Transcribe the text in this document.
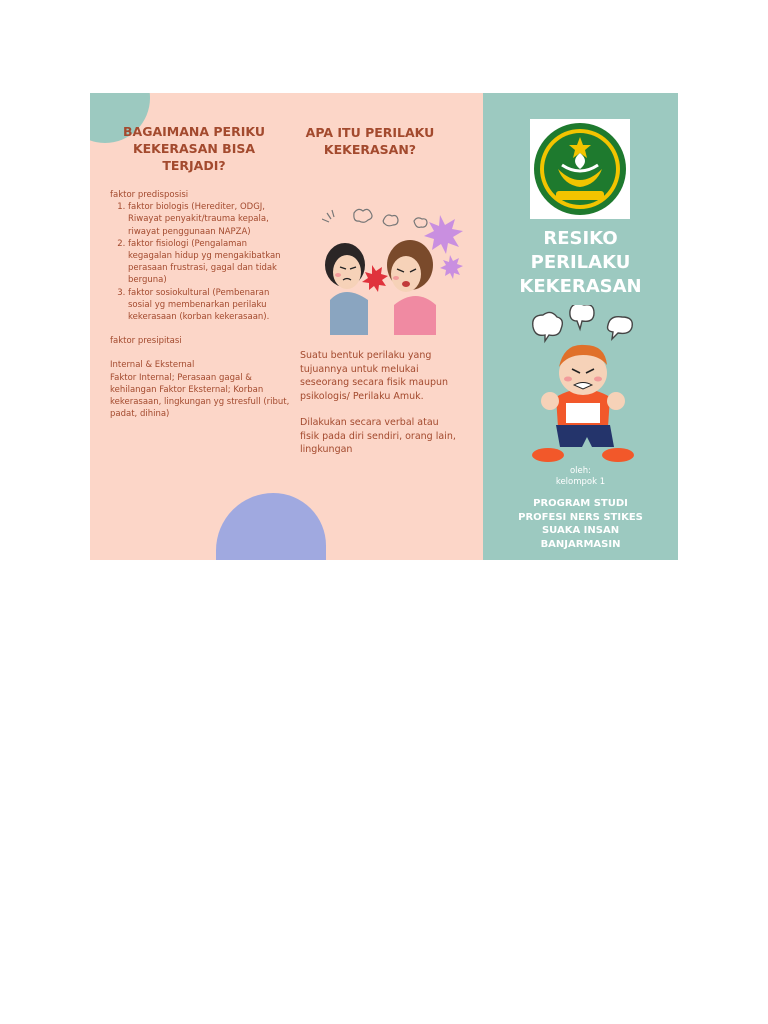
BAGAIMANA PERIKU KEKERASAN BISA TERJADI?

faktor predisposisi

1. faktor biologis (Herediter, ODGJ, Riwayat penyakit/trauma kepala, riwayat penggunaan NAPZA)
2. faktor fisiologi (Pengalaman kegagalan hidup yg mengakibatkan perasaan frustrasi, gagal dan tidak berguna)
3. faktor sosiokultural (Pembenaran sosial yg membenarkan perilaku kekerasaan (korban kekerasaan).

faktor presipitasi

Internal & Eksternal

Faktor Internal; Perasaan gagal & kehilangan Faktor Eksternal; Korban kekerasaan, lingkungan yg stresfull (ribut, padat, dihina)

APA ITU PERILAKU KEKERASAN?

Suatu bentuk perilaku yang tujuannya untuk melukai seseorang secara fisik maupun psikologis/ Perilaku Amuk.

Dilakukan secara verbal atau fisik pada diri sendiri, orang lain, lingkungan

RESIKO
PERILAKU
KEKERASAN
oleh:
kelompok 1
PROGRAM STUDI
PROFESI NERS STIKES
SUAKA INSAN
BANJARMASIN
